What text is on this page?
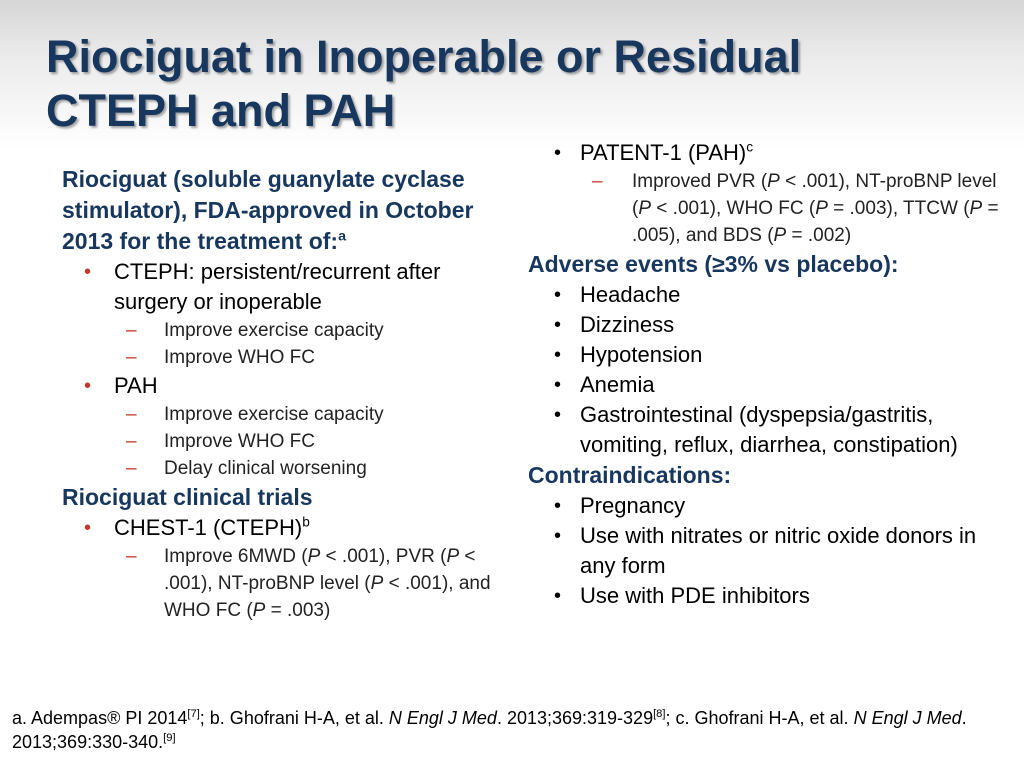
Riociguat in Inoperable or Residual
CTEPH and PAH
Riociguat (soluble guanylate cyclase stimulator), FDA-approved in October 2013 for the treatment of:$^a$
• CTEPH: persistent/recurrent after surgery or inoperable
– Improve exercise capacity
– Improve WHO FC
• PAH
– Improve exercise capacity
– Improve WHO FC
– Delay clinical worsening
Riociguat clinical trials
• CHEST-1 (CTEPH)$^b$
– Improve 6MWD (P < .001), PVR (P < .001), NT-proBNP level (P < .001), and WHO FC (P = .003)
• PATENT-1 (PAH)$^c$
– Improved PVR (P < .001), NT-proBNP level (P < .001), WHO FC (P = .003), TTCW (P = .005), and BDS (P = .002)
Adverse events (≥3% vs placebo):
• Headache
• Dizziness
• Hypotension
• Anemia
• Gastrointestinal (dyspepsia/gastritis, vomiting, reflux, diarrhea, constipation)
Contraindications:
• Pregnancy
• Use with nitrates or nitric oxide donors in any form
• Use with PDE inhibitors
a. Adempas® PI 2014[7]; b. Ghofrani H-A, et al. N Engl J Med. 2013;369:319-329[8]; c. Ghofrani H-A, et al. N Engl J Med. 2013;369:330-340.[9]
